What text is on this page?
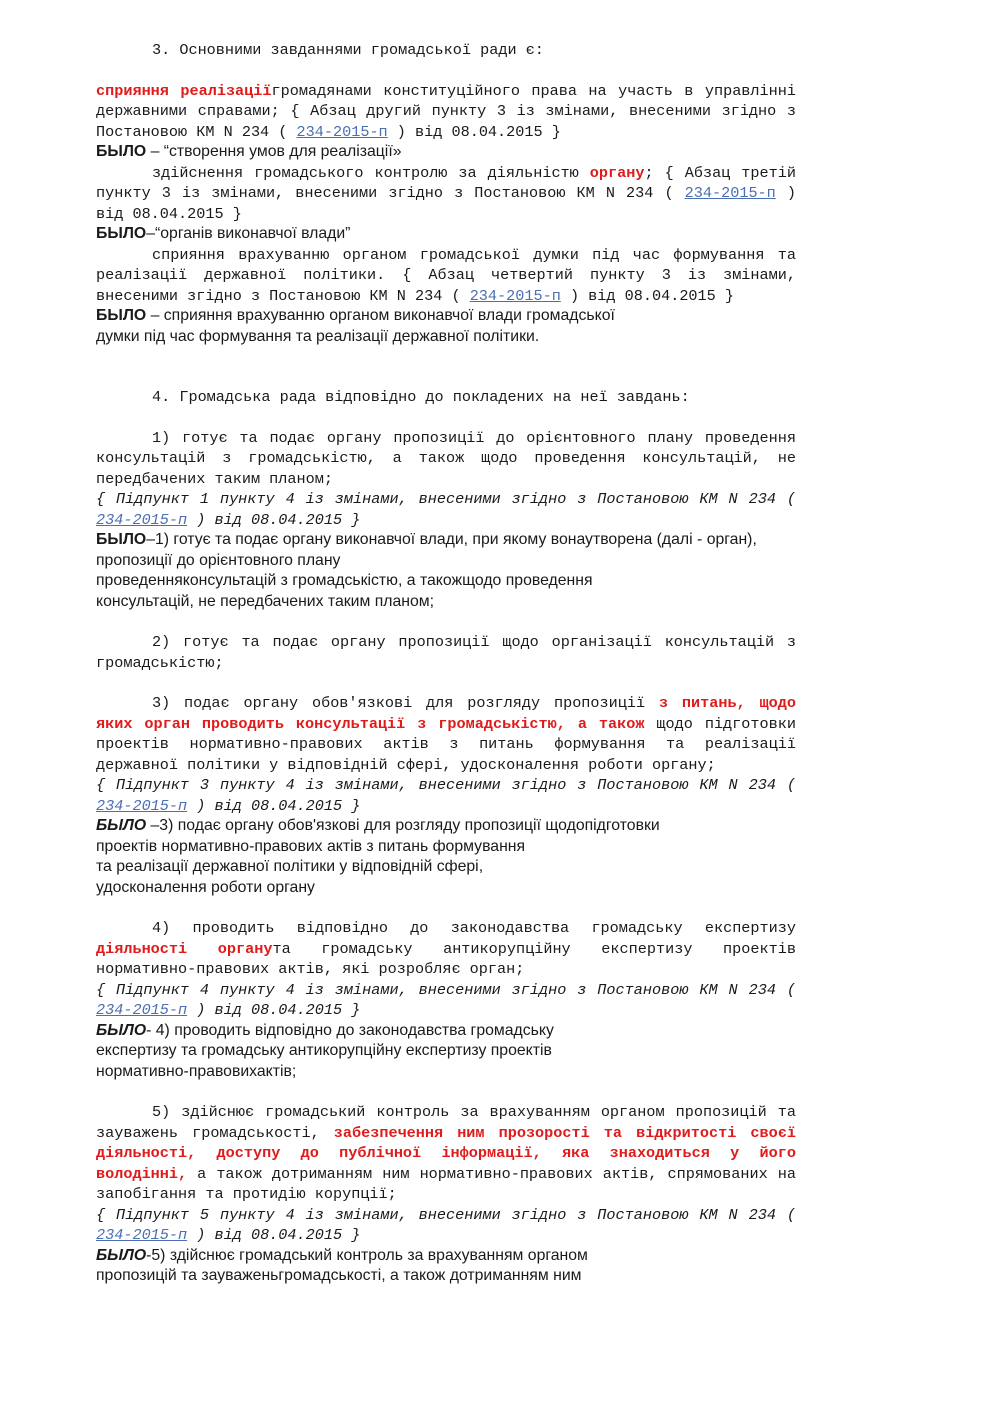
3. Основними завданнями громадської ради є:

сприяння реалізаціїгромадянами конституційного права на участь в управлінні державними справами; { Абзац другий пункту 3 із змінами, внесеними згідно з Постановою КМ N 234 ( 234-2015-п ) від 08.04.2015 }

БЫЛО – “створення умов для реалізації»

здійснення громадського контролю за діяльністю органу; { Абзац третій пункту 3 із змінами, внесеними згідно з Постановою КМ N 234 ( 234-2015-п ) від 08.04.2015 }

БЫЛО–“органів виконавчої влади”

сприяння врахуванню органом громадської думки під час формування та реалізації державної політики. { Абзац четвертий пункту 3 із змінами, внесеними згідно з Постановою КМ N 234 ( 234-2015-п ) від 08.04.2015 }

БЫЛО – сприяння врахуванню органом виконавчої влади громадської

думки під час формування та реалізації державної політики.

4. Громадська рада відповідно до покладених на неї завдань:

1) готує та подає органу пропозиції до орієнтовного плану проведення консультацій з громадськістю, а також щодо проведення консультацій, не передбачених таким планом;

{ Підпункт 1 пункту 4 із змінами, внесеними згідно з Постановою КМ N 234 ( 234-2015-п ) від 08.04.2015 }

БЫЛО–1) готує та подає органу виконавчої влади, при якому вонаутворена (далі - орган),

пропозиції до орієнтовного плану

проведенняконсультацій з громадськістю, а такожщодо проведення

консультацій, не передбачених таким планом;

2) готує та подає органу пропозиції щодо організації консультацій з громадськістю;

3) подає органу обов'язкові для розгляду пропозиції з питань, щодо яких орган проводить консультації з громадськістю, а також щодо підготовки проектів нормативно-правових актів з питань формування та реалізації державної політики у відповідній сфері, удосконалення роботи органу;

{ Підпункт 3 пункту 4 із змінами, внесеними згідно з Постановою КМ N 234 ( 234-2015-п ) від 08.04.2015 }

БЫЛО –3) подає органу обов'язкові для розгляду пропозиції щодопідготовки

проектів нормативно-правових актів з питань формування

та реалізації державної політики у відповідній сфері,

удосконалення роботи органу

4) проводить відповідно до законодавства громадську експертизу діяльності органута громадську антикорупційну експертизу проектів нормативно-правових актів, які розробляє орган;

{ Підпункт 4 пункту 4 із змінами, внесеними згідно з Постановою КМ N 234 ( 234-2015-п ) від 08.04.2015 }

БЫЛО- 4) проводить відповідно до законодавства громадську

експертизу та громадську антикорупційну експертизу проектів

нормативно-правовихактів;

5) здійснює громадський контроль за врахуванням органом пропозицій та зауважень громадськості, забезпечення ним прозорості та відкритості своєї діяльності, доступу до публічної інформації, яка знаходиться у його володінні, а також дотриманням ним нормативно-правових актів, спрямованих на запобігання та протидію корупції;

{ Підпункт 5 пункту 4 із змінами, внесеними згідно з Постановою КМ N 234 ( 234-2015-п ) від 08.04.2015 }

БЫЛО-5) здійснює громадський контроль за врахуванням органом

пропозицій та зауваженьгромадськості, а також дотриманням ним
